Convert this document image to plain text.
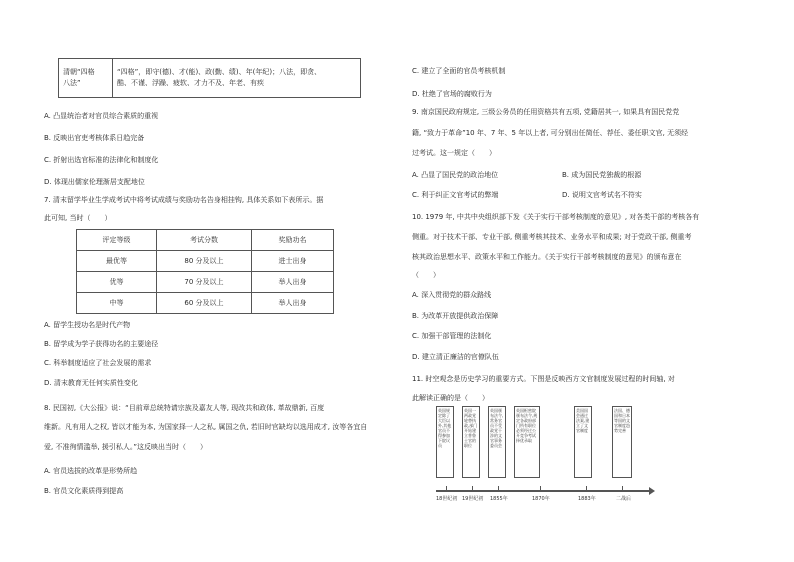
清朝“四格
八法”

“四格”，即守(德)、才(能)、政(勤、绩)、年(年纪)；八法，即贪、
酷、不谨、浮躁、疲软、才力不及、年老、有疾
A. 凸显统治者对官员综合素质的重视
B. 反映出官吏考核体系日趋完备
C. 折射出选官标准的法律化和制度化
D. 体现出儒家伦理渐居支配地位
7. 清末留学毕业生学成考试中将考试成绩与奖励功名告身相挂钩, 具体关系如下表所示。据
此可知, 当时（　　）
评定等级	考试分数	奖励功名
最优等	80 分及以上	进士出身
优等	70 分及以上	举人出身
中等	60 分及以上	举人出身
A. 留学生授功名是时代产物
B. 留学成为学子获得功名的主要途径
C. 科举制度适应了社会发展的需求
D. 清末教育无任何实质性变化
8. 民国初,《大公报》说：“目前章总统特请宗族及嘉友人等, 现改共和政体, 革故鼎新, 百度
维新。凡有用人之权, 皆以才能为本, 为国家择一人之私, 属国之仇, 若旧时官缺均以选用成才, 汝等各宜自
爱, 不准徇情滥举, 援引私人。”这反映出当时（　　）
A. 官员选拔的改革是形势所趋
B. 官员文化素质得到提高
C. 建立了全面的官员考核机制
D. 杜绝了官场的腐败行为
9. 南京国民政府规定, 三级公务员的任用资格共有五项, 党籍居其一, 如果具有国民党党
籍, “致力于革命”10 年、7 年、5 年以上者, 可分别出任简任、荐任、委任职文官, 无须经
过考试。这一规定（　　）
A. 凸显了国民党的政治地位	B. 成为国民党独裁的根源
C. 利于纠正文官考试的弊端	D. 说明文官考试名不符实
10. 1979 年, 中共中央组织部下发《关于实行干部考核制度的意见》, 对各类干部的考核各有
侧重。对于技术干部、专业干部, 侧重考核其技术、业务水平和成果; 对于党政干部, 侧重考
核其政治思想水平、政策水平和工作能力。《关于实行干部考核制度的意见》的颁布意在
（　　）
A. 深入贯彻党的群众路线
B. 为改革开放提供政治保障
C. 加强干部管理的法制化
D. 建立清正廉洁的官僚队伍
11. 时空观念是历史学习的重要方式。下图是反映西方文官制度发展过程的时间轴, 对
此解读正确的是（　　）
英国规定除了大臣以外,其他官员不得参加下院议员
英国一两政党轮替执政,部门开始建立普鲁士官的职位
英国颁布法令,常务官员不受政党干涉的文官事务委员会
英国枢密院颁布法令,规定各政府部门所有职位必须经过公开竞争考试择优录取
美国国会通过法案,建立了文官制度
法国、德国和日本等国的文官制度趋势完善
18世纪初 19世纪初 1855年	1870年	1883年	二战后
